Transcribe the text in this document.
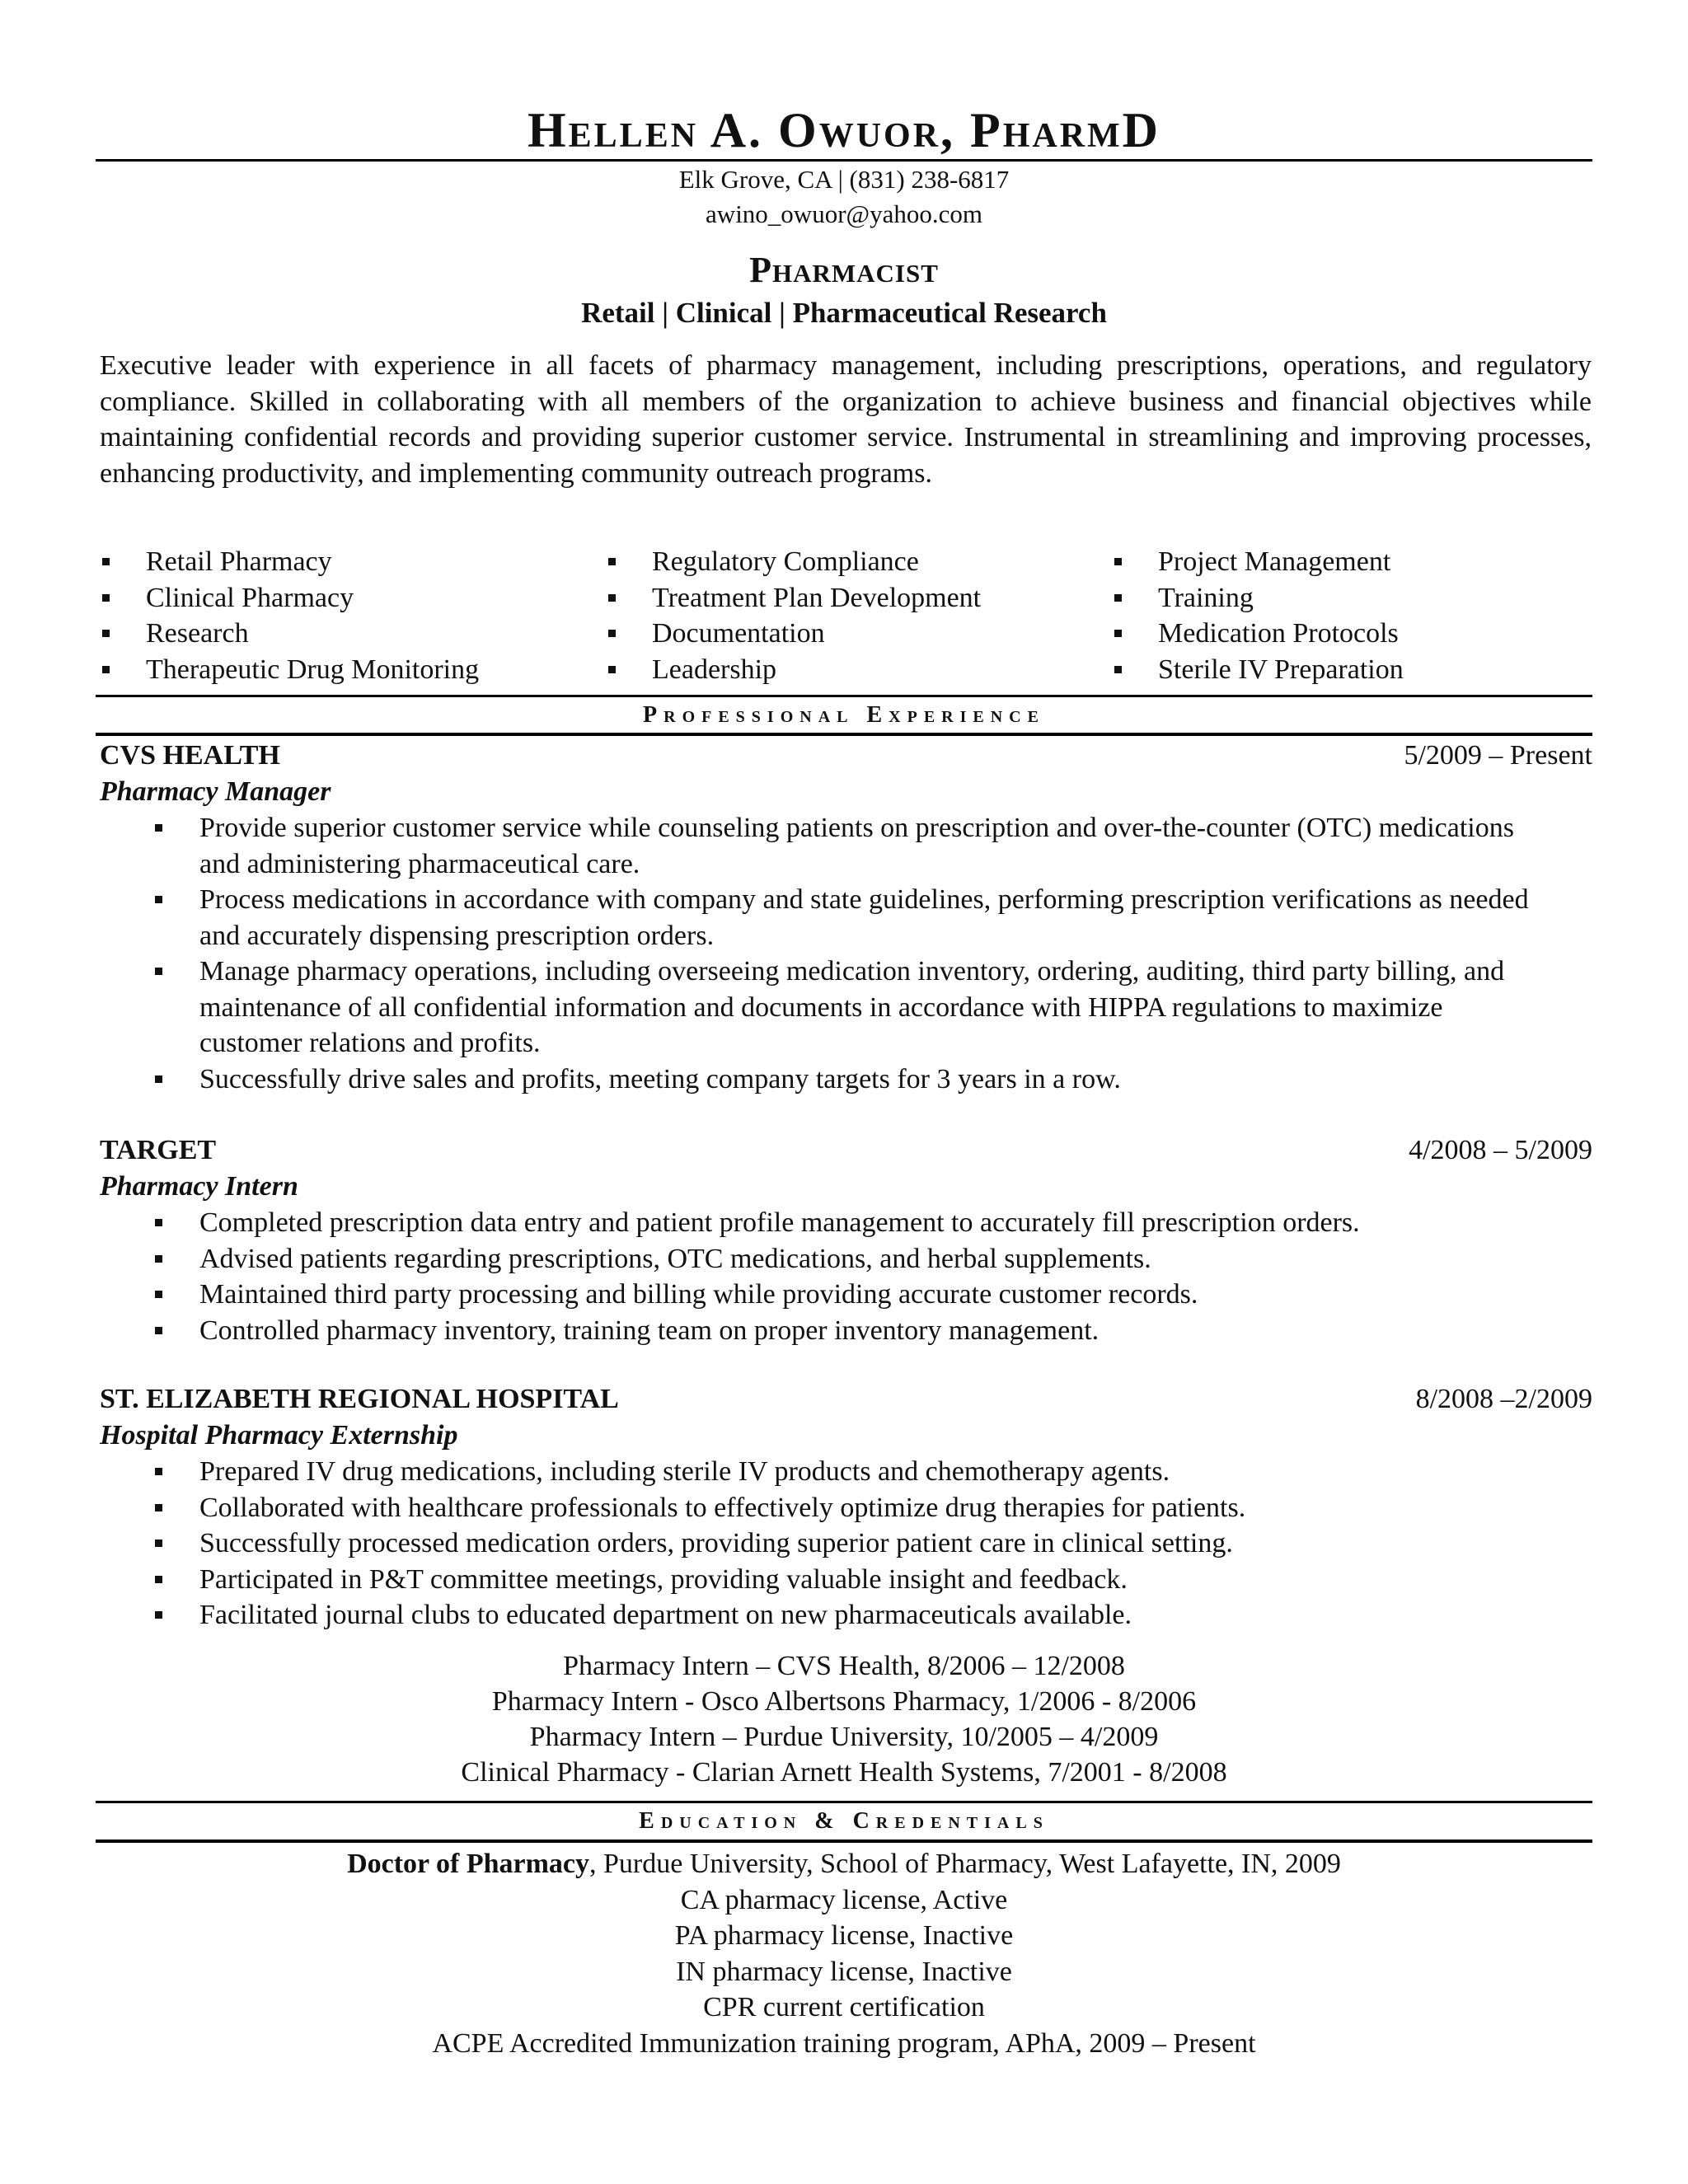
Hellen A. Owuor, PharmD
Elk Grove, CA | (831) 238-6817
awino_owuor@yahoo.com
Pharmacist
Retail | Clinical | Pharmaceutical Research
Executive leader with experience in all facets of pharmacy management, including prescriptions, operations, and regulatory compliance. Skilled in collaborating with all members of the organization to achieve business and financial objectives while maintaining confidential records and providing superior customer service. Instrumental in streamlining and improving processes, enhancing productivity, and implementing community outreach programs.
Retail Pharmacy
Clinical Pharmacy
Research
Therapeutic Drug Monitoring
Regulatory Compliance
Treatment Plan Development
Documentation
Leadership
Project Management
Training
Medication Protocols
Sterile IV Preparation
Professional Experience
CVS HEALTH	5/2009 – Present
Pharmacy Manager
Provide superior customer service while counseling patients on prescription and over-the-counter (OTC) medications and administering pharmaceutical care.
Process medications in accordance with company and state guidelines, performing prescription verifications as needed and accurately dispensing prescription orders.
Manage pharmacy operations, including overseeing medication inventory, ordering, auditing, third party billing, and maintenance of all confidential information and documents in accordance with HIPPA regulations to maximize customer relations and profits.
Successfully drive sales and profits, meeting company targets for 3 years in a row.
TARGET	4/2008 – 5/2009
Pharmacy Intern
Completed prescription data entry and patient profile management to accurately fill prescription orders.
Advised patients regarding prescriptions, OTC medications, and herbal supplements.
Maintained third party processing and billing while providing accurate customer records.
Controlled pharmacy inventory, training team on proper inventory management.
ST. ELIZABETH REGIONAL HOSPITAL	8/2008 –2/2009
Hospital Pharmacy Externship
Prepared IV drug medications, including sterile IV products and chemotherapy agents.
Collaborated with healthcare professionals to effectively optimize drug therapies for patients.
Successfully processed medication orders, providing superior patient care in clinical setting.
Participated in P&T committee meetings, providing valuable insight and feedback.
Facilitated journal clubs to educated department on new pharmaceuticals available.
Pharmacy Intern – CVS Health, 8/2006 – 12/2008
Pharmacy Intern - Osco Albertsons Pharmacy, 1/2006 - 8/2006
Pharmacy Intern – Purdue University, 10/2005 – 4/2009
Clinical Pharmacy - Clarian Arnett Health Systems, 7/2001 - 8/2008
Education & Credentials
Doctor of Pharmacy, Purdue University, School of Pharmacy, West Lafayette, IN, 2009
CA pharmacy license, Active
PA pharmacy license, Inactive
IN pharmacy license, Inactive
CPR current certification
ACPE Accredited Immunization training program, APhA, 2009 – Present
